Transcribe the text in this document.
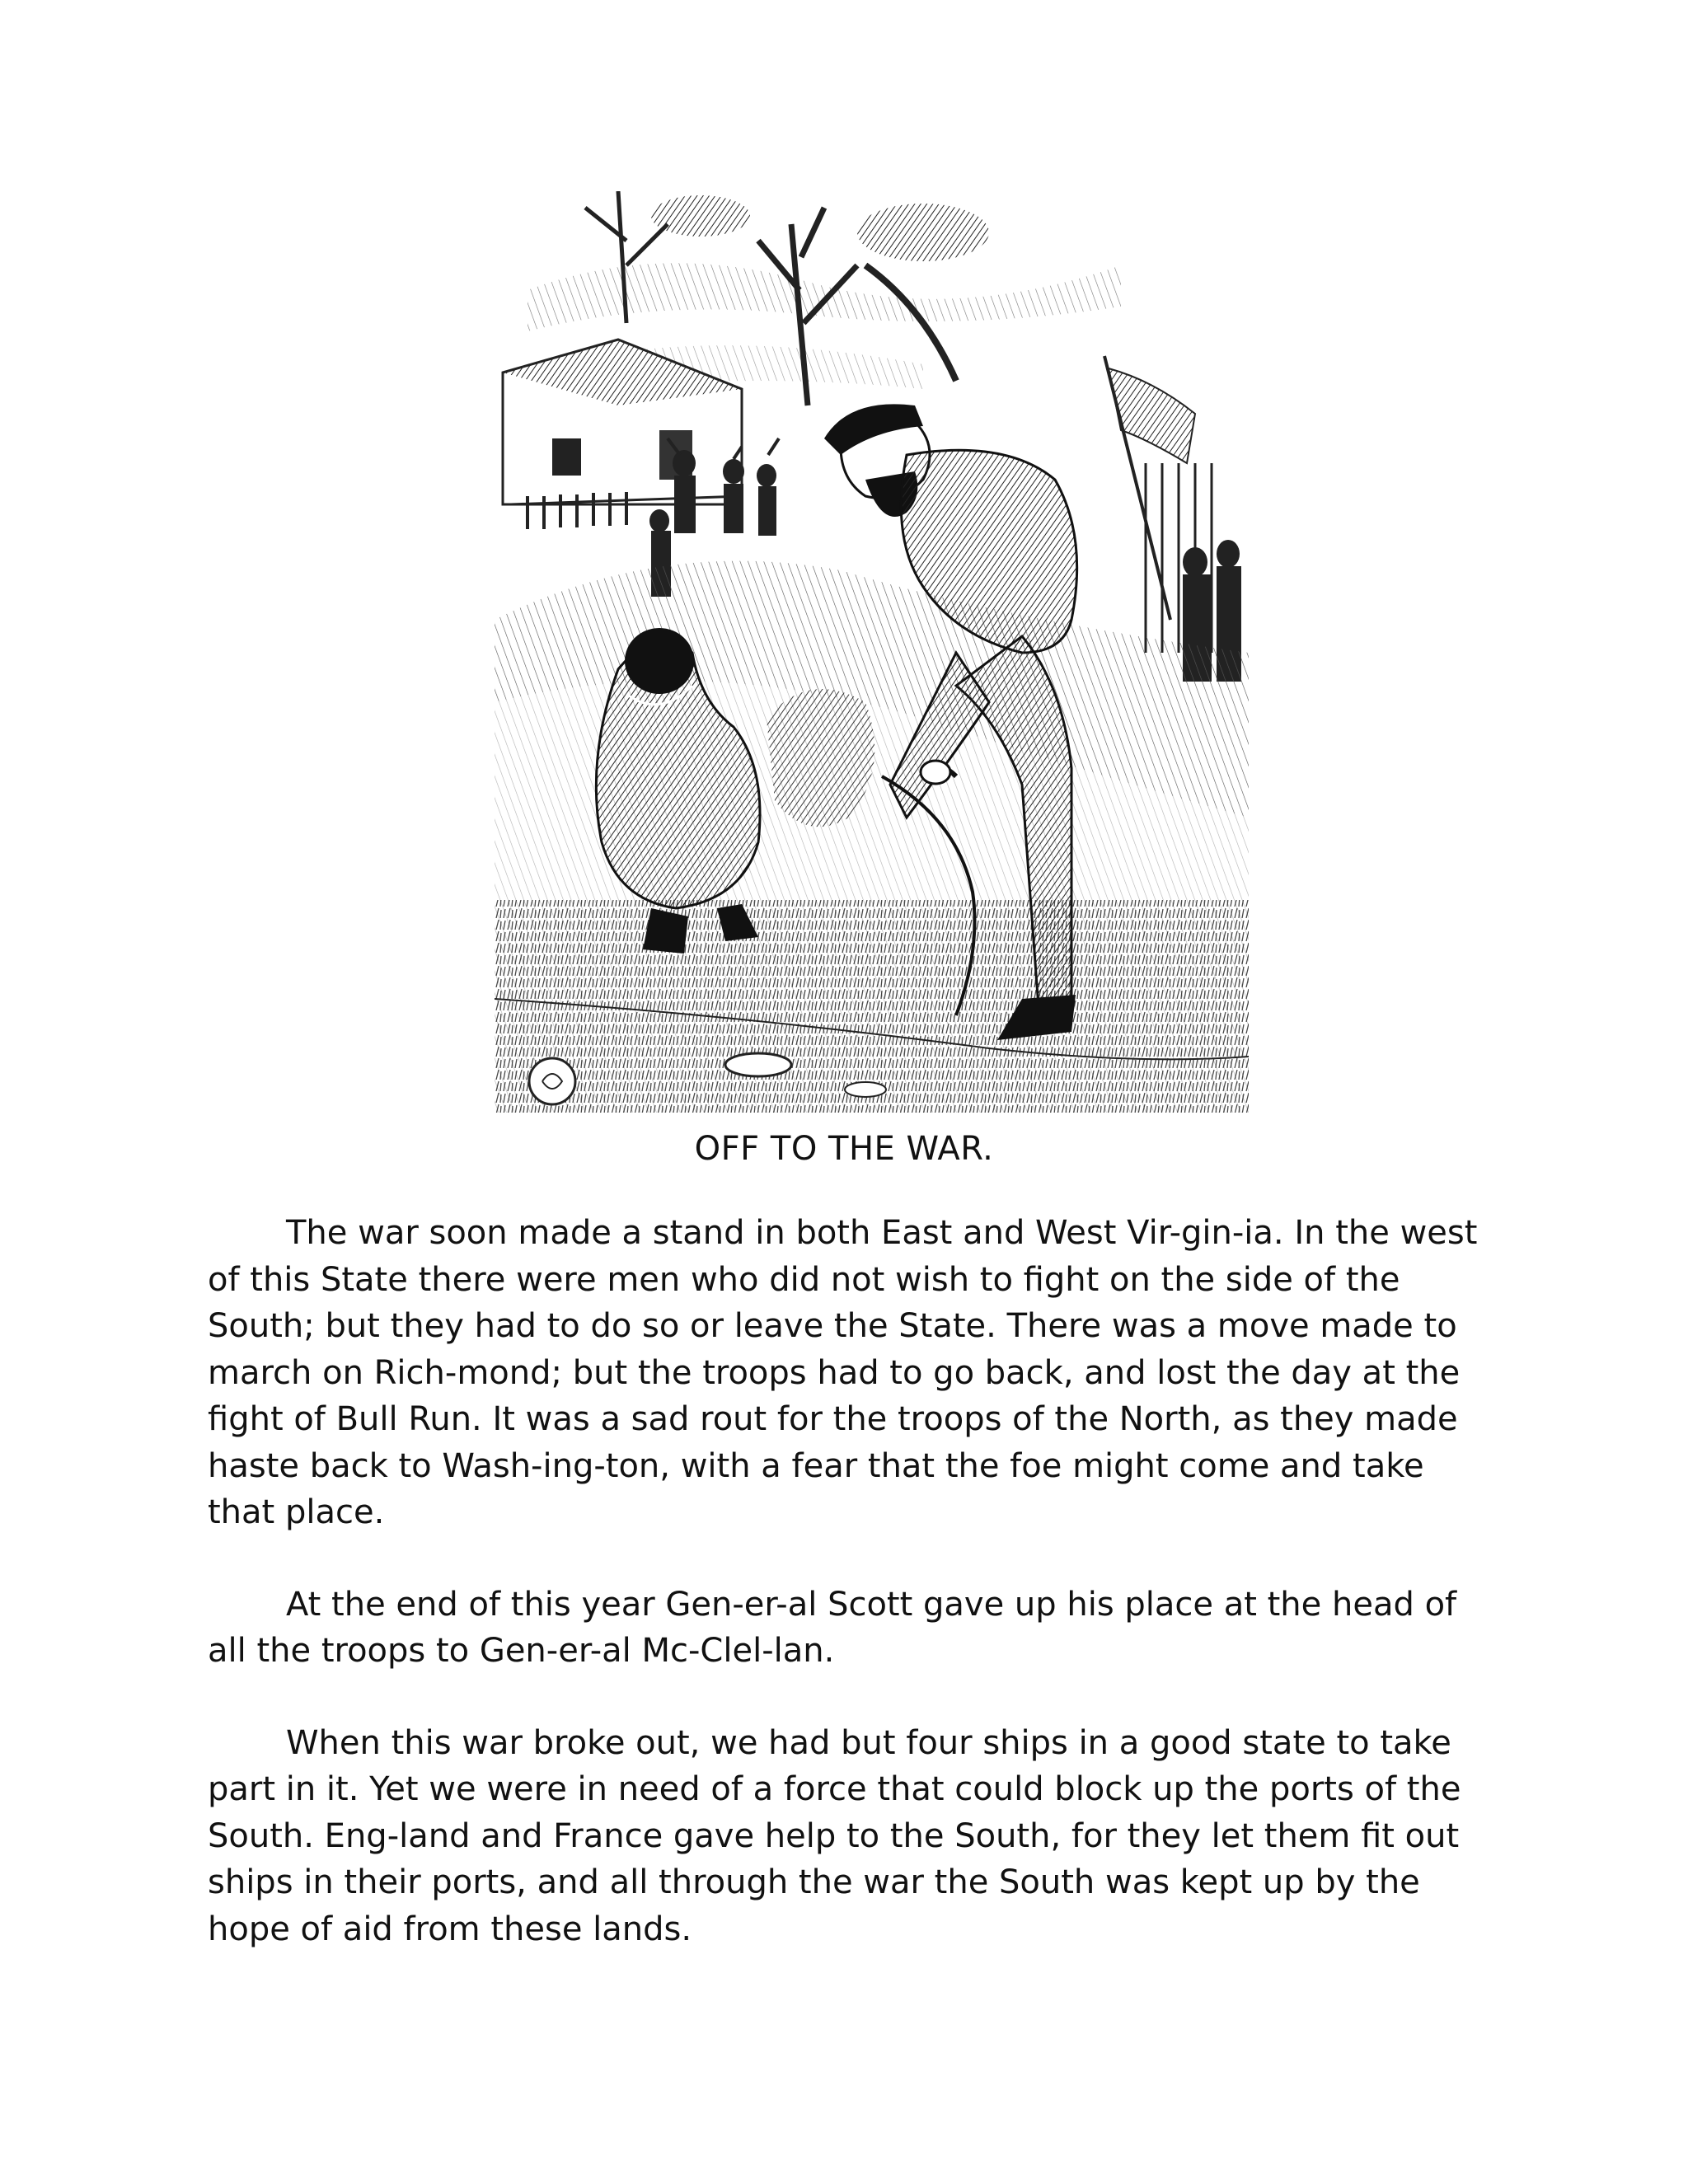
OFF TO THE WAR.

The war soon made a stand in both East and West Vir-gin-ia. In the west of this State there were men who did not wish to fight on the side of the South; but they had to do so or leave the State. There was a move made to march on Rich-mond; but the troops had to go back, and lost the day at the fight of Bull Run. It was a sad rout for the troops of the North, as they made haste back to Wash-ing-ton, with a fear that the foe might come and take that place.

At the end of this year Gen-er-al Scott gave up his place at the head of all the troops to Gen-er-al Mc-Clel-lan.

When this war broke out, we had but four ships in a good state to take part in it. Yet we were in need of a force that could block up the ports of the South. Eng-land and France gave help to the South, for they let them fit out ships in their ports, and all through the war the South was kept up by the hope of aid from these lands.
